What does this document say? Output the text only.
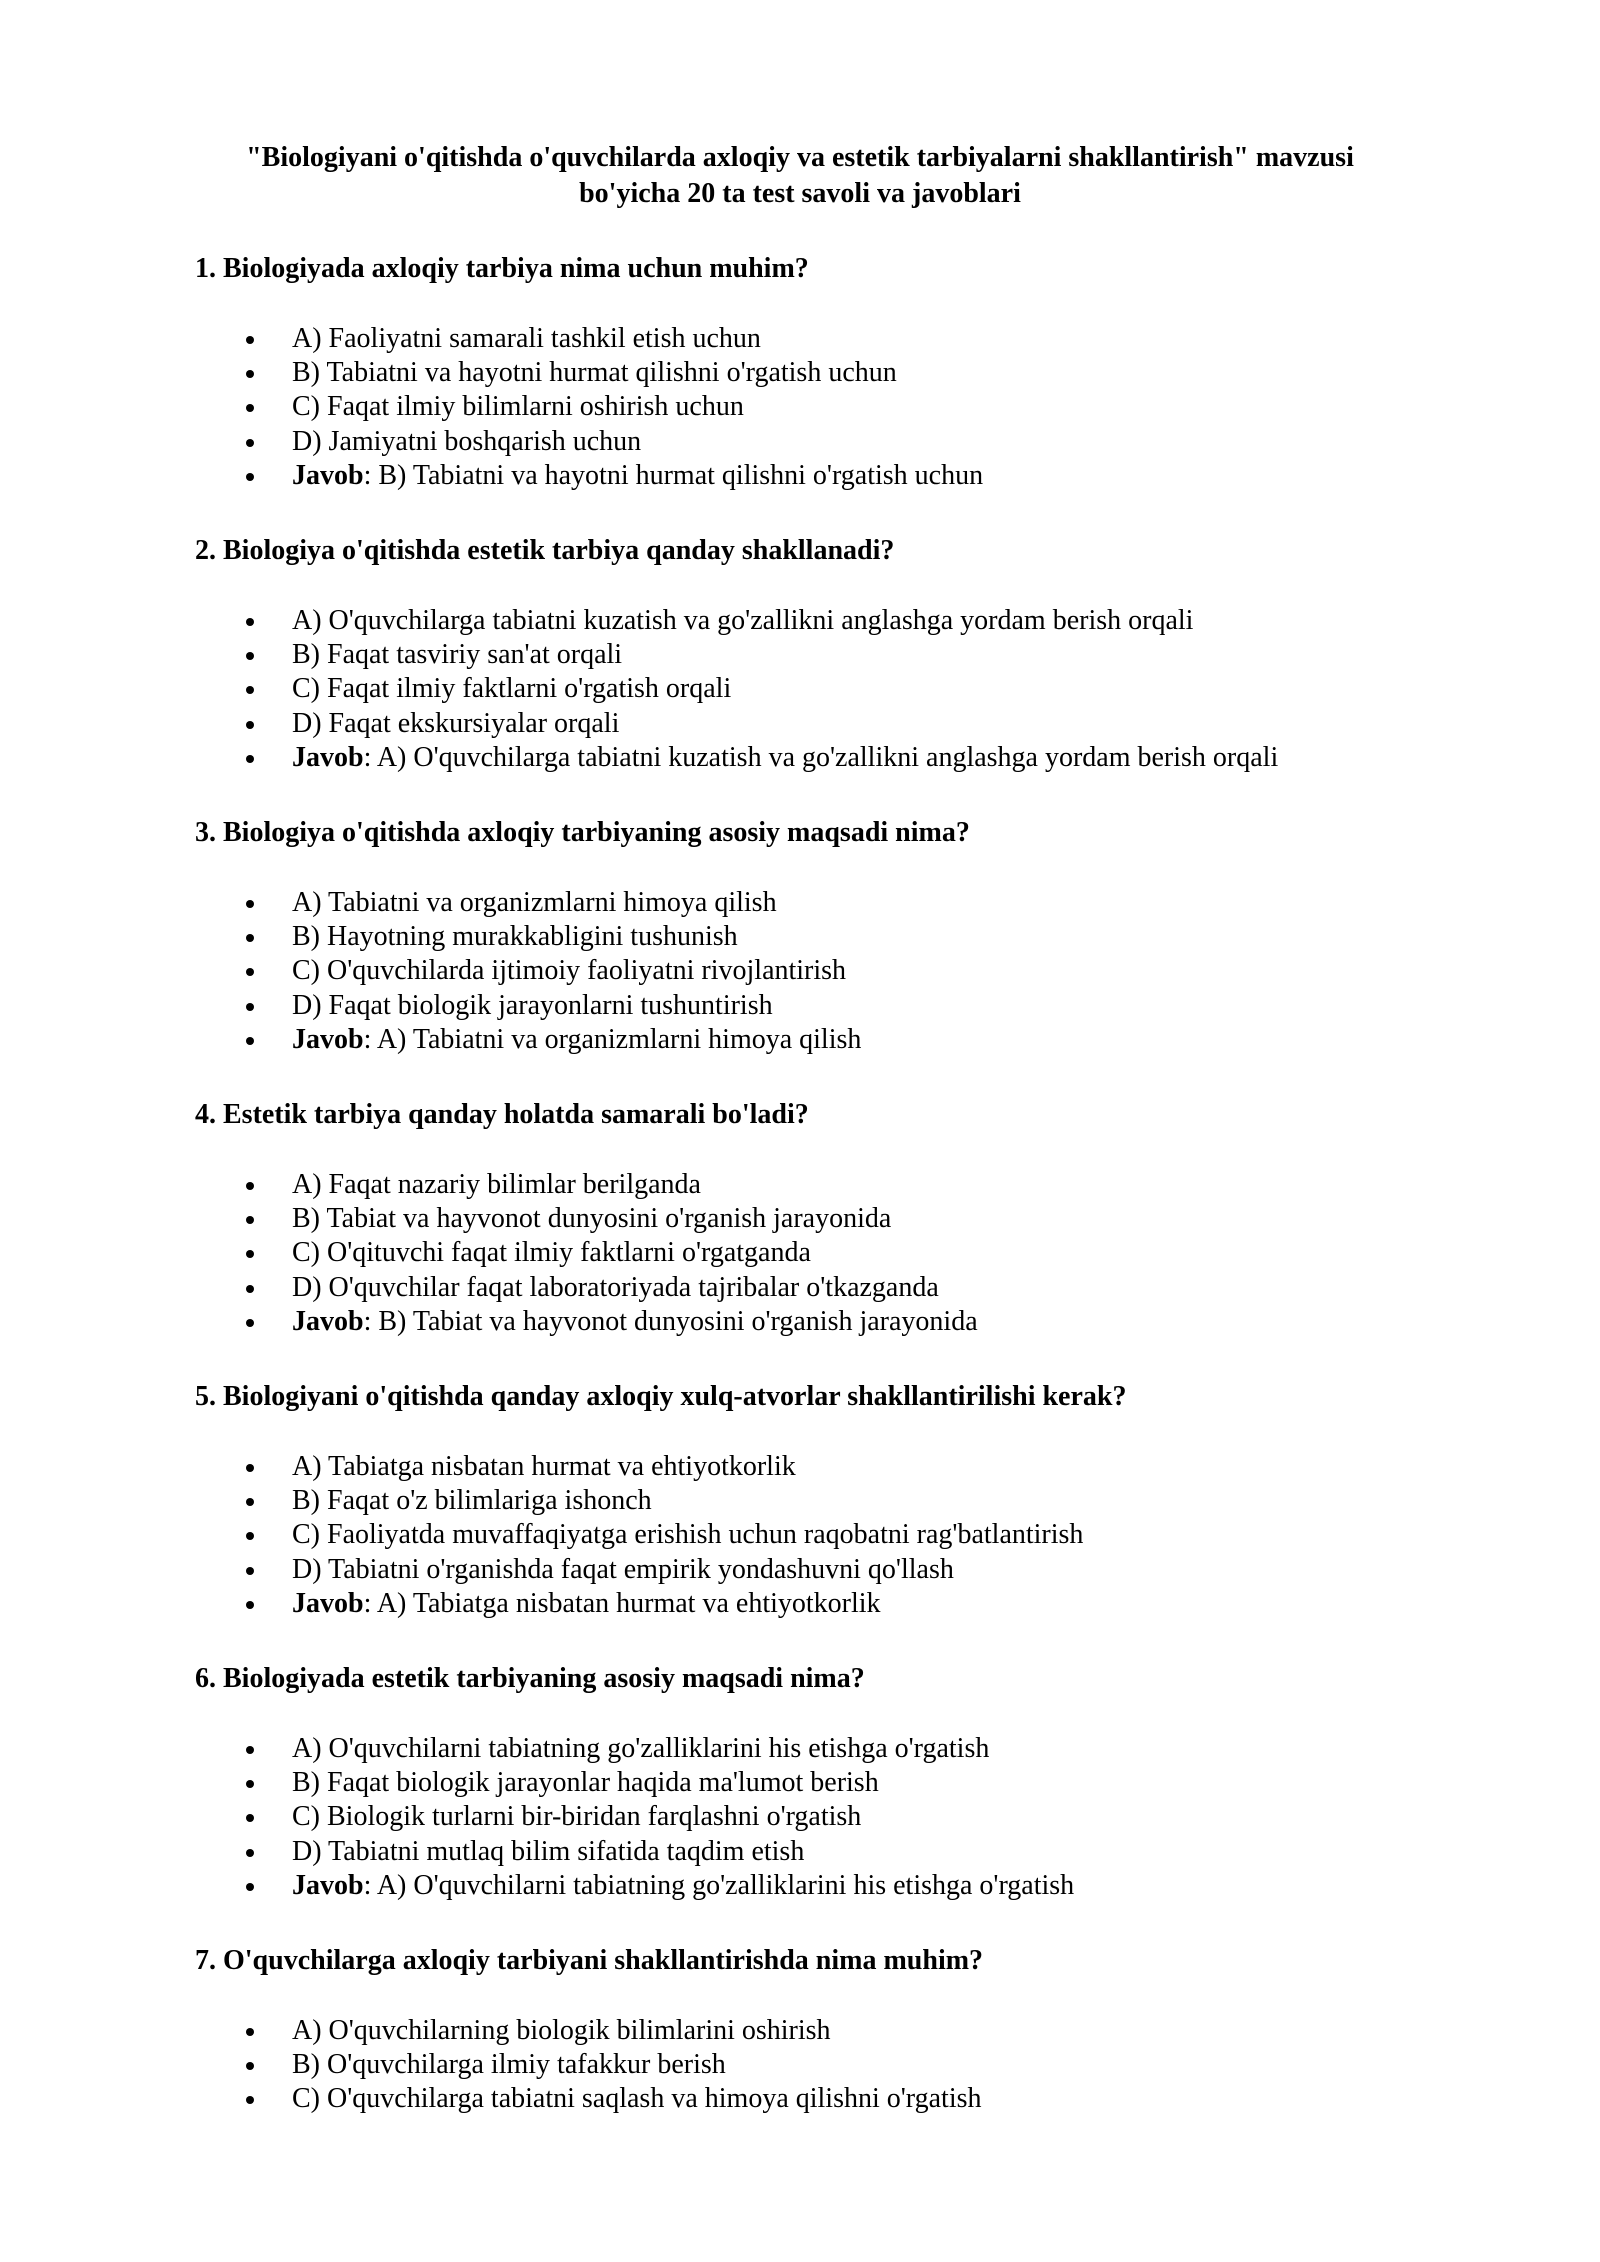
"Biologiyani o'qitishda o'quvchilarda axloqiy va estetik tarbiyalarni shakllantirish" mavzusi
bo'yicha 20 ta test savoli va javoblari

1. Biologiyada axloqiy tarbiya nima uchun muhim?

A) Faoliyatni samarali tashkil etish uchun
B) Tabiatni va hayotni hurmat qilishni o'rgatish uchun
C) Faqat ilmiy bilimlarni oshirish uchun
D) Jamiyatni boshqarish uchun
Javob: B) Tabiatni va hayotni hurmat qilishni o'rgatish uchun

2. Biologiya o'qitishda estetik tarbiya qanday shakllanadi?

A) O'quvchilarga tabiatni kuzatish va go'zallikni anglashga yordam berish orqali
B) Faqat tasviriy san'at orqali
C) Faqat ilmiy faktlarni o'rgatish orqali
D) Faqat ekskursiyalar orqali
Javob: A) O'quvchilarga tabiatni kuzatish va go'zallikni anglashga yordam berish orqali

3. Biologiya o'qitishda axloqiy tarbiyaning asosiy maqsadi nima?

A) Tabiatni va organizmlarni himoya qilish
B) Hayotning murakkabligini tushunish
C) O'quvchilarda ijtimoiy faoliyatni rivojlantirish
D) Faqat biologik jarayonlarni tushuntirish
Javob: A) Tabiatni va organizmlarni himoya qilish

4. Estetik tarbiya qanday holatda samarali bo'ladi?

A) Faqat nazariy bilimlar berilganda
B) Tabiat va hayvonot dunyosini o'rganish jarayonida
C) O'qituvchi faqat ilmiy faktlarni o'rgatganda
D) O'quvchilar faqat laboratoriyada tajribalar o'tkazganda
Javob: B) Tabiat va hayvonot dunyosini o'rganish jarayonida

5. Biologiyani o'qitishda qanday axloqiy xulq-atvorlar shakllantirilishi kerak?

A) Tabiatga nisbatan hurmat va ehtiyotkorlik
B) Faqat o'z bilimlariga ishonch
C) Faoliyatda muvaffaqiyatga erishish uchun raqobatni rag'batlantirish
D) Tabiatni o'rganishda faqat empirik yondashuvni qo'llash
Javob: A) Tabiatga nisbatan hurmat va ehtiyotkorlik

6. Biologiyada estetik tarbiyaning asosiy maqsadi nima?

A) O'quvchilarni tabiatning go'zalliklarini his etishga o'rgatish
B) Faqat biologik jarayonlar haqida ma'lumot berish
C) Biologik turlarni bir-biridan farqlashni o'rgatish
D) Tabiatni mutlaq bilim sifatida taqdim etish
Javob: A) O'quvchilarni tabiatning go'zalliklarini his etishga o'rgatish

7. O'quvchilarga axloqiy tarbiyani shakllantirishda nima muhim?

A) O'quvchilarning biologik bilimlarini oshirish
B) O'quvchilarga ilmiy tafakkur berish
C) O'quvchilarga tabiatni saqlash va himoya qilishni o'rgatish
